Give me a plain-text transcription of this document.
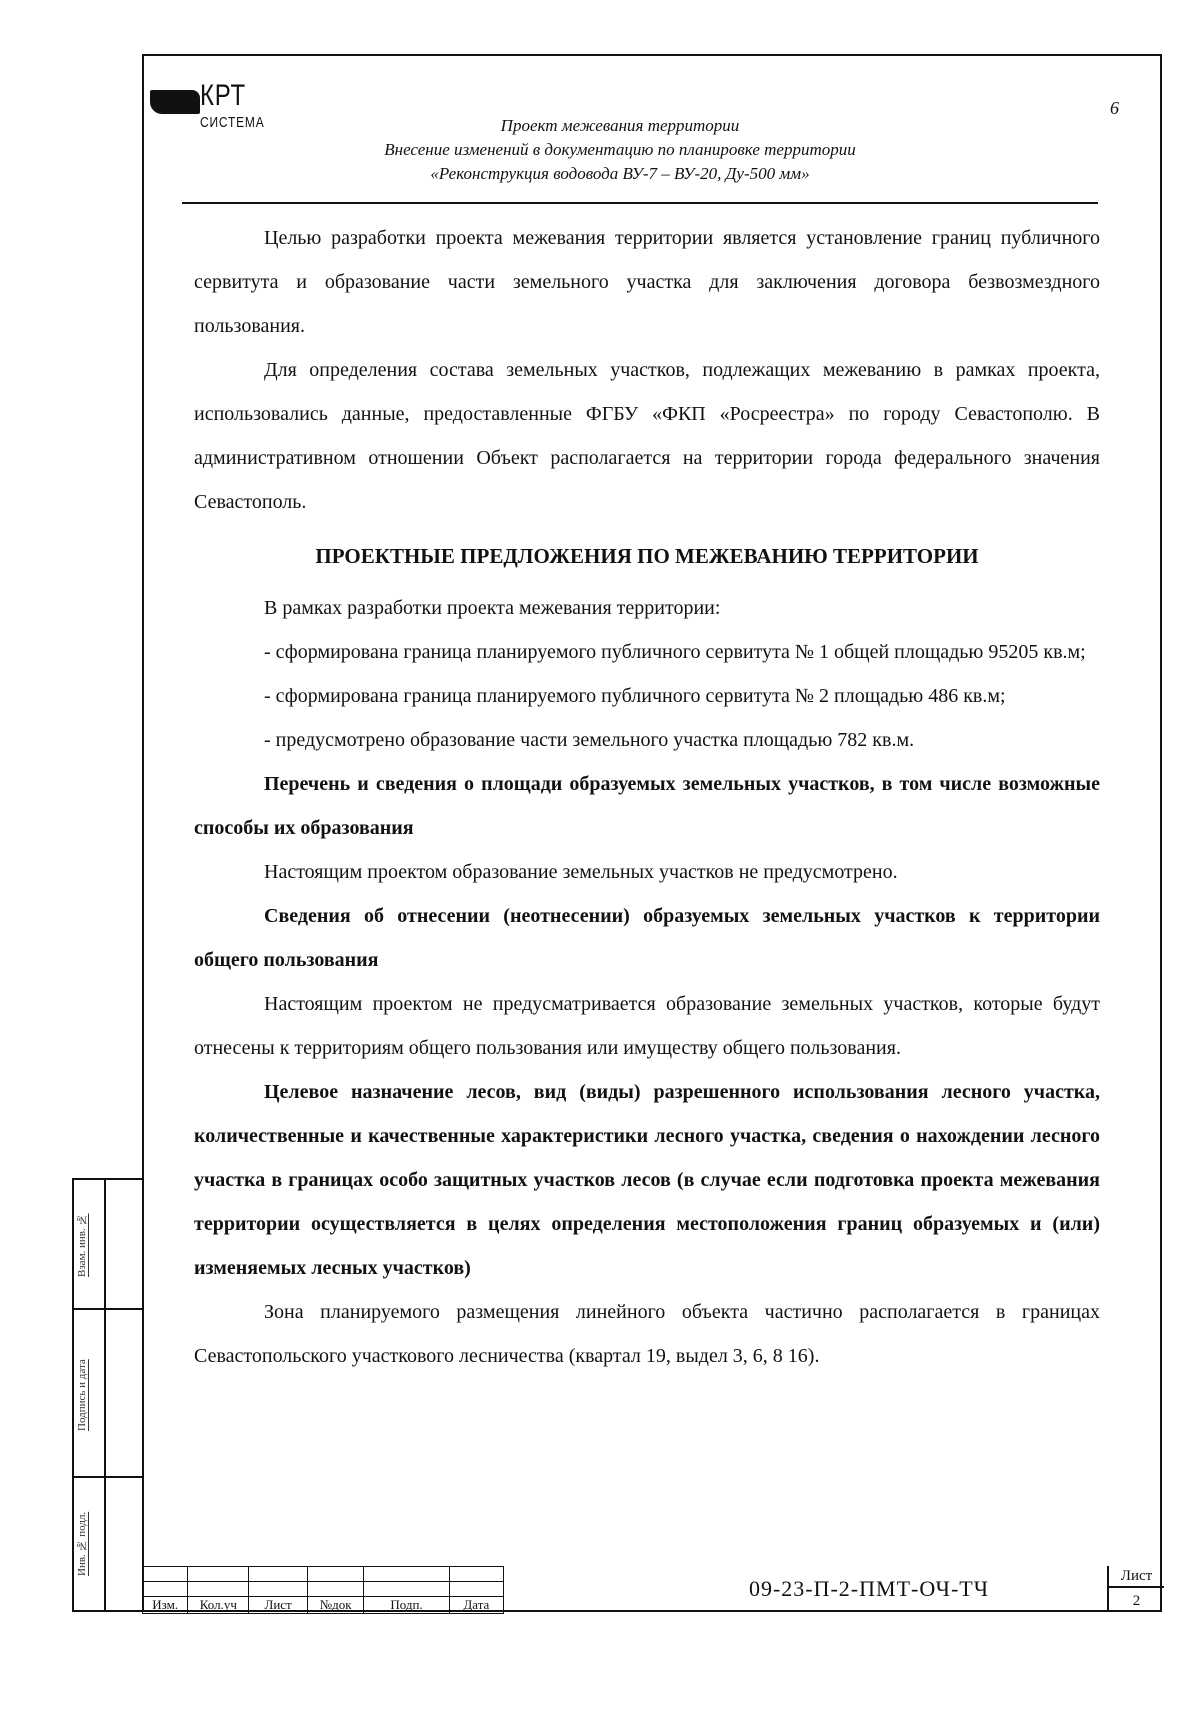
Взам. инв. №
Подпись и дата
Инв. № подл.
КРТ
СИСТЕМА
6
Проект межевания территории
Внесение изменений в документацию по планировке территории
«Реконструкция водовода ВУ-7 – ВУ-20, Ду-500 мм»

Целью разработки проекта межевания территории является установление границ публичного сервитута и образование части земельного участка для заключения договора безвозмездного пользования.

Для определения состава земельных участков, подлежащих межеванию в рамках проекта, использовались данные, предоставленные ФГБУ «ФКП «Росреестра» по городу Севастополю. В административном отношении Объект располагается на территории города федерального значения Севастополь.

ПРОЕКТНЫЕ ПРЕДЛОЖЕНИЯ ПО МЕЖЕВАНИЮ ТЕРРИТОРИИ

В рамках разработки проекта межевания территории:

- сформирована граница планируемого публичного сервитута № 1 общей площадью 95205 кв.м;

- сформирована граница планируемого публичного сервитута № 2 площадью 486 кв.м;

- предусмотрено образование части земельного участка площадью 782 кв.м.

Перечень и сведения о площади образуемых земельных участков, в том числе возможные способы их образования

Настоящим проектом образование земельных участков не предусмотрено.

Сведения об отнесении (неотнесении) образуемых земельных участков к территории общего пользования

Настоящим проектом не предусматривается образование земельных участков, которые будут отнесены к территориям общего пользования или имуществу общего пользования.

Целевое назначение лесов, вид (виды) разрешенного использования лесного участка, количественные и качественные характеристики лесного участка, сведения о нахождении лесного участка в границах особо защитных участков лесов (в случае если подготовка проекта межевания территории осуществляется в целях определения местоположения границ образуемых и (или) изменяемых лесных участков)

Зона планируемого размещения линейного объекта частично располагается в границах Севастопольского участкового лесничества (квартал 19, выдел 3, 6, 8 16).

Изм.	Кол.уч	Лист	№док	Подп.	Дата
09-23-П-2-ПМТ-ОЧ-ТЧ	Лист
2
